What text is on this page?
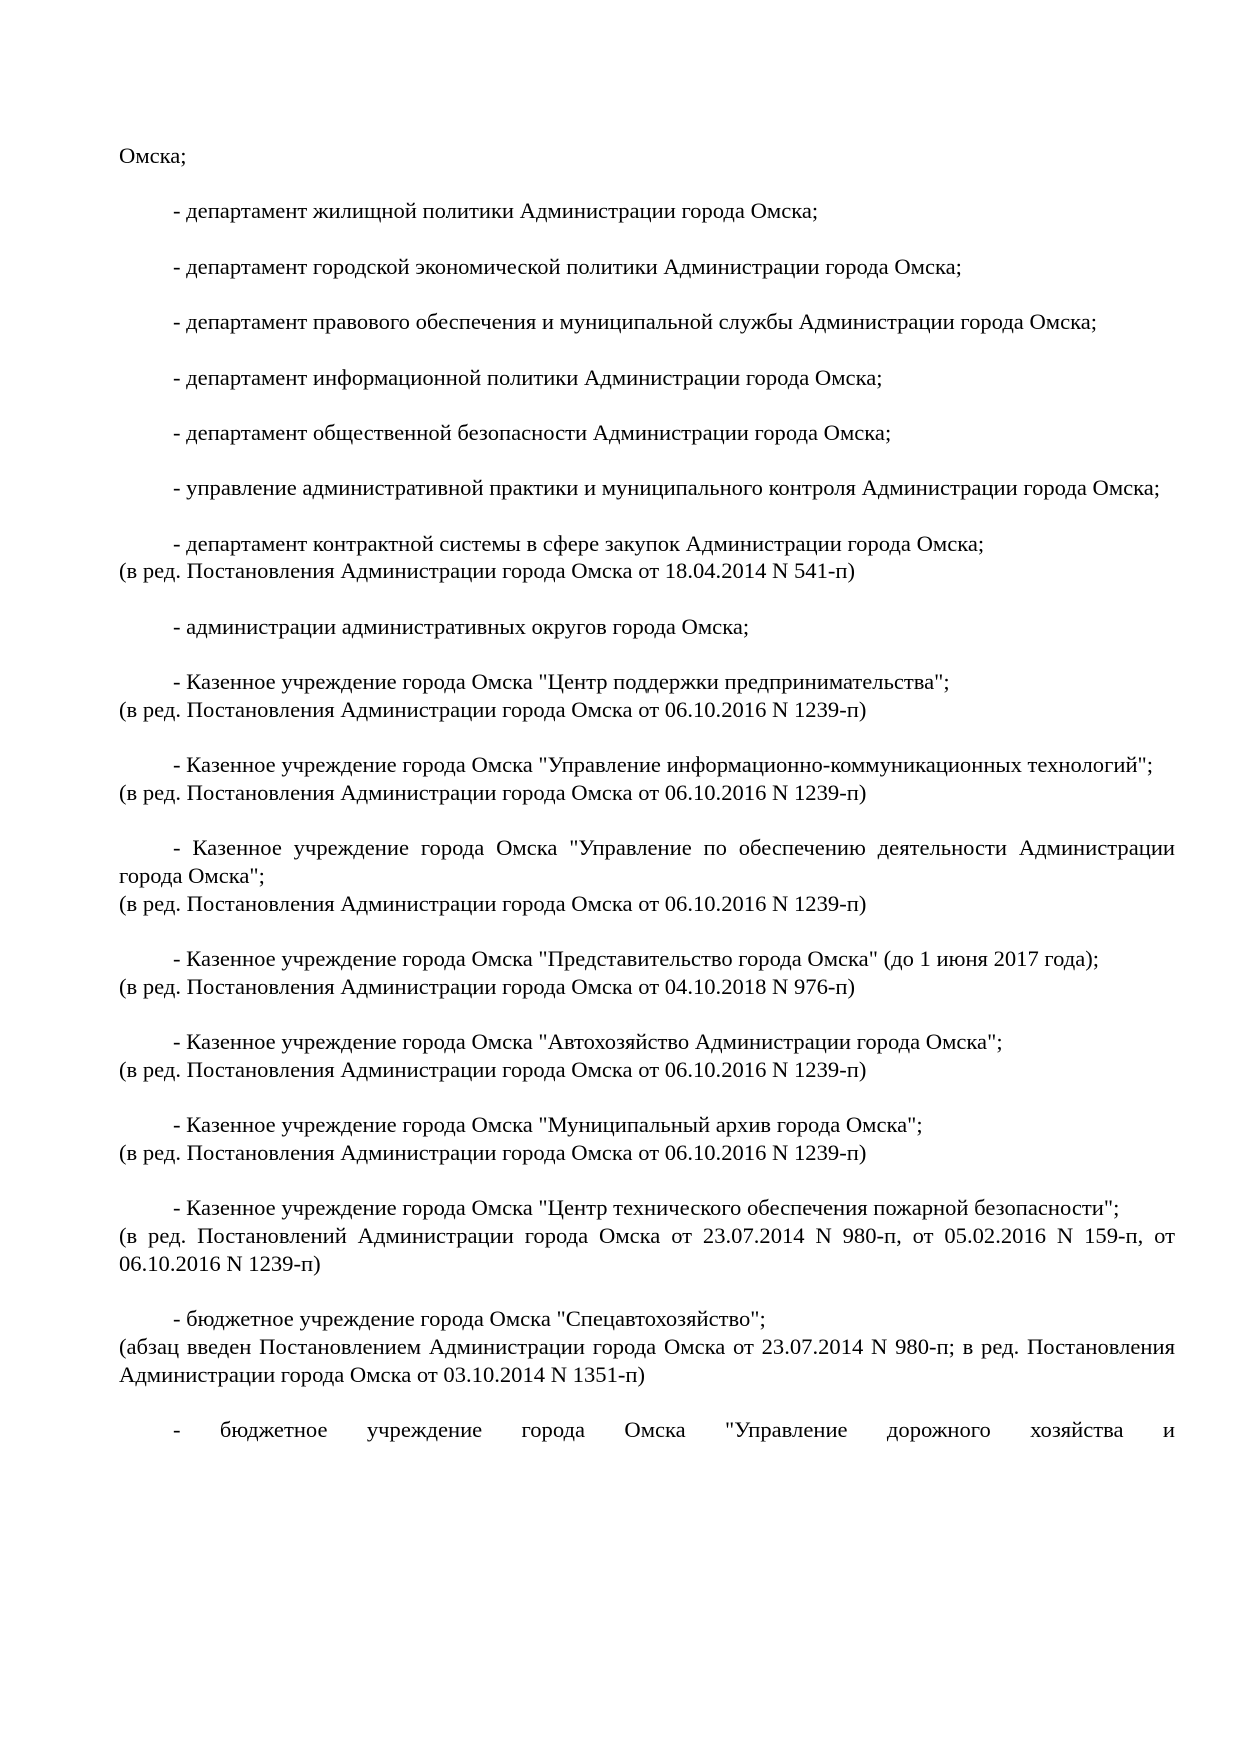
Омска;

- департамент жилищной политики Администрации города Омска;

- департамент городской экономической политики Администрации города Омска;

- департамент правового обеспечения и муниципальной службы Администрации города Омска;

- департамент информационной политики Администрации города Омска;

- департамент общественной безопасности Администрации города Омска;

- управление административной практики и муниципального контроля Администрации города Омска;

- департамент контрактной системы в сфере закупок Администрации города Омска;

(в ред. Постановления Администрации города Омска от 18.04.2014 N 541-п)

- администрации административных округов города Омска;

- Казенное учреждение города Омска "Центр поддержки предпринимательства";

(в ред. Постановления Администрации города Омска от 06.10.2016 N 1239-п)

- Казенное учреждение города Омска "Управление информационно-коммуникационных технологий";

(в ред. Постановления Администрации города Омска от 06.10.2016 N 1239-п)

- Казенное учреждение города Омска "Управление по обеспечению деятельности Администрации города Омска";

(в ред. Постановления Администрации города Омска от 06.10.2016 N 1239-п)

- Казенное учреждение города Омска "Представительство города Омска" (до 1 июня 2017 года);

(в ред. Постановления Администрации города Омска от 04.10.2018 N 976-п)

- Казенное учреждение города Омска "Автохозяйство Администрации города Омска";

(в ред. Постановления Администрации города Омска от 06.10.2016 N 1239-п)

- Казенное учреждение города Омска "Муниципальный архив города Омска";

(в ред. Постановления Администрации города Омска от 06.10.2016 N 1239-п)

- Казенное учреждение города Омска "Центр технического обеспечения пожарной безопасности";

(в ред. Постановлений Администрации города Омска от 23.07.2014 N 980-п, от 05.02.2016 N 159-п, от 06.10.2016 N 1239-п)

- бюджетное учреждение города Омска "Спецавтохозяйство";

(абзац введен Постановлением Администрации города Омска от 23.07.2014 N 980-п; в ред. Постановления Администрации города Омска от 03.10.2014 N 1351-п)

- бюджетное учреждение города Омска "Управление дорожного хозяйства и
